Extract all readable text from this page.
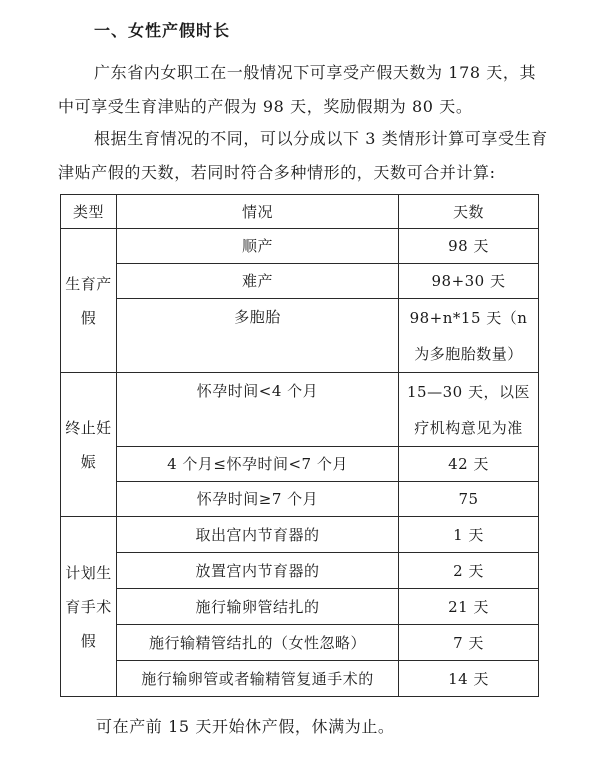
一、女性产假时长
广东省内女职工在一般情况下可享受产假天数为 178 天，其中可享受生育津贴的产假为 98 天，奖励假期为 80 天。
根据生育情况的不同，可以分成以下 3 类情形计算可享受生育津贴产假的天数，若同时符合多种情形的，天数可合并计算:
类型	情况	天数
生育产假	顺产	98 天
	难产	98+30 天
	多胞胎	98+n*15 天（n 为多胞胎数量）
终止妊娠	怀孕时间<4 个月	15—30 天，以医疗机构意见为准
	4 个月≤怀孕时间<7 个月	42 天
	怀孕时间≥7 个月	75
计划生育手术假	取出宫内节育器的	1 天
	放置宫内节育器的	2 天
	施行输卵管结扎的	21 天
	施行输精管结扎的（女性忽略）	7 天
	施行输卵管或者输精管复通手术的	14 天
可在产前 15 天开始休产假，休满为止。
